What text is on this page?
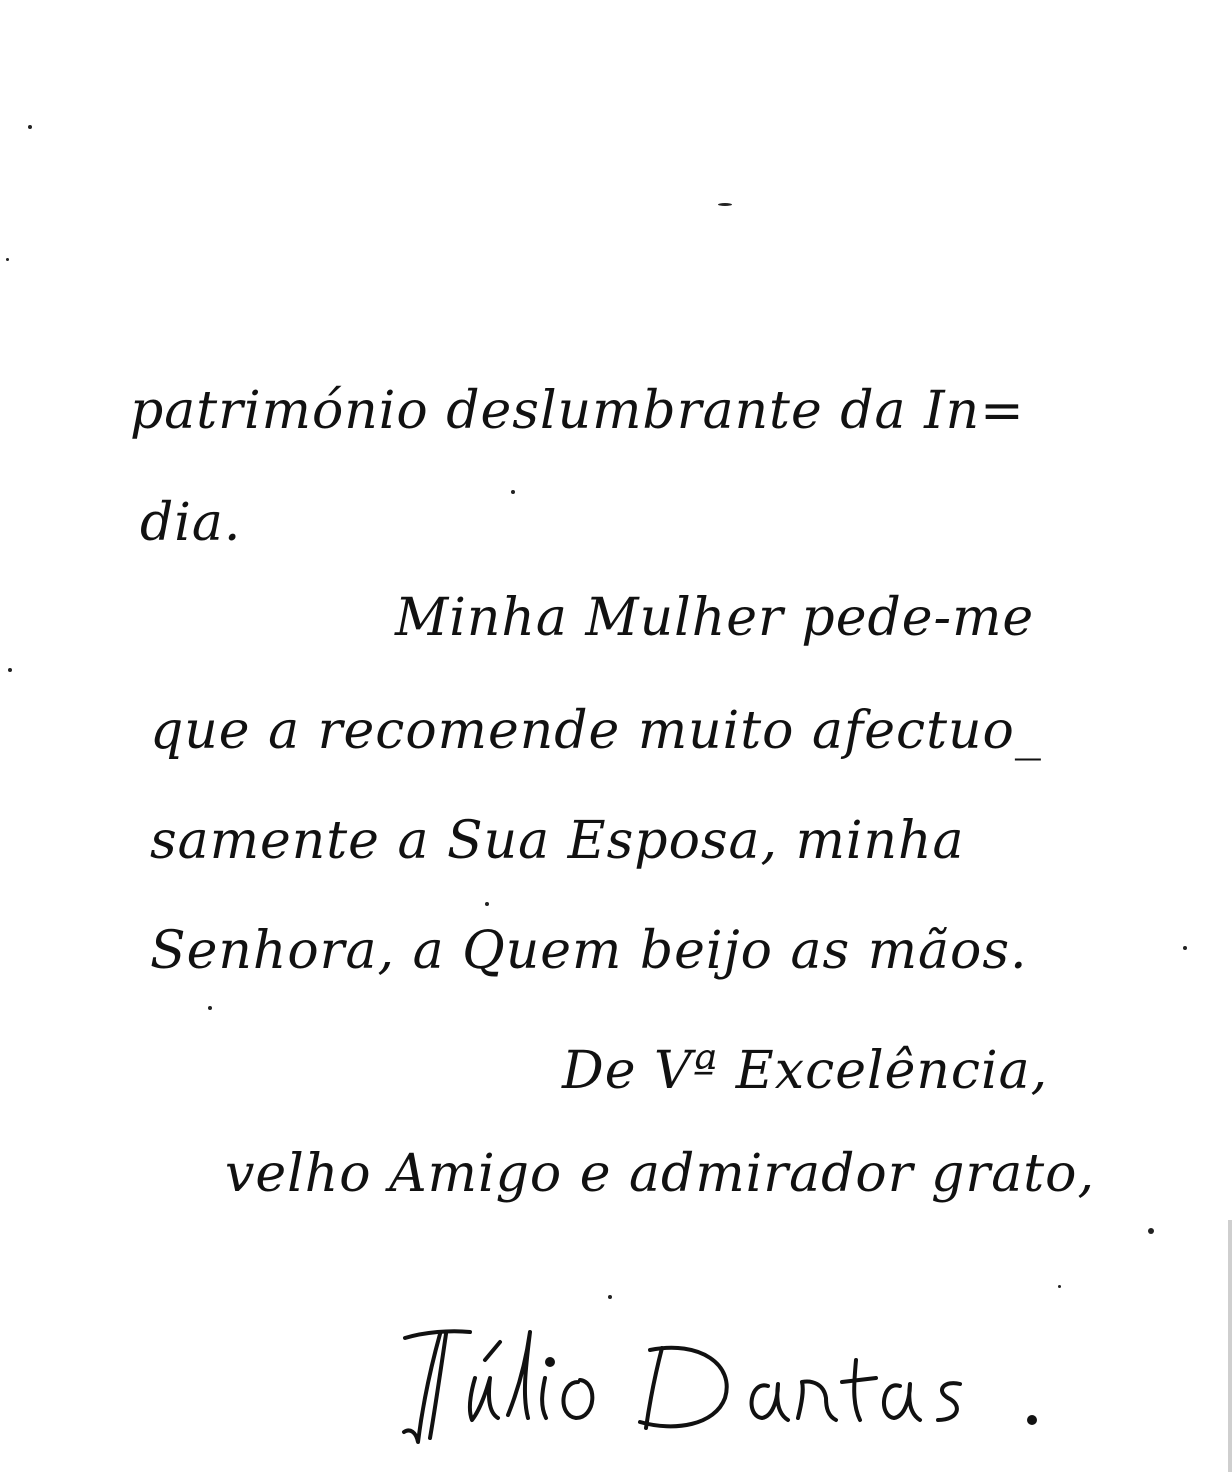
património deslumbrante da In=

dia.

Minha Mulher pede-me

que a recomende muito afectuo_

samente a Sua Esposa, minha

Senhora, a Quem beijo as mãos.

De Vª Excelência,

velho Amigo e admirador grato,
